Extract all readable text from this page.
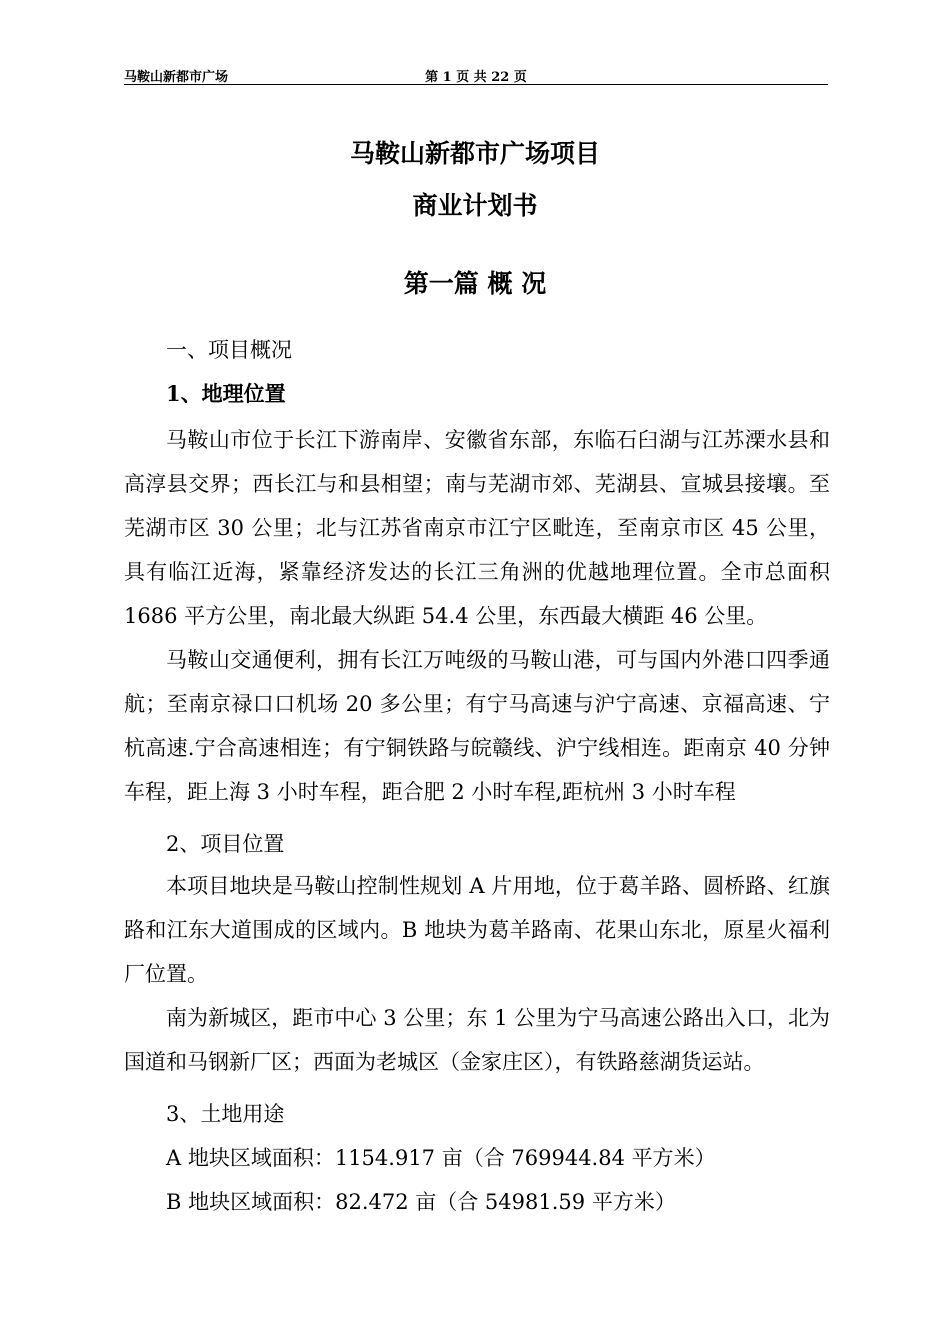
马鞍山新都市广场	第 1 页 共 22 页
马鞍山新都市广场项目
商业计划书
第一篇 概 况
一、项目概况
1、地理位置

马鞍山市位于长江下游南岸、安徽省东部，东临石臼湖与江苏溧水县和高淳县交界；西长江与和县相望；南与芜湖市郊、芜湖县、宣城县接壤。至芜湖市区 30 公里；北与江苏省南京市江宁区毗连，至南京市区 45 公里，具有临江近海，紧靠经济发达的长江三角洲的优越地理位置。全市总面积 1686 平方公里，南北最大纵距 54.4 公里，东西最大横距 46 公里。

马鞍山交通便利，拥有长江万吨级的马鞍山港，可与国内外港口四季通航；至南京禄口口机场 20 多公里；有宁马高速与沪宁高速、京福高速、宁杭高速.宁合高速相连；有宁铜铁路与皖赣线、沪宁线相连。距南京 40 分钟车程，距上海 3 小时车程，距合肥 2 小时车程,距杭州 3 小时车程

2、项目位置

本项目地块是马鞍山控制性规划 A 片用地，位于葛羊路、圆桥路、红旗路和江东大道围成的区域内。B 地块为葛羊路南、花果山东北，原星火福利厂位置。

南为新城区，距市中心 3 公里；东 1 公里为宁马高速公路出入口，北为国道和马钢新厂区；西面为老城区（金家庄区），有铁路慈湖货运站。

3、土地用途
A 地块区域面积：1154.917 亩（合 769944.84 平方米）
B 地块区域面积：82.472 亩（合 54981.59 平方米）
